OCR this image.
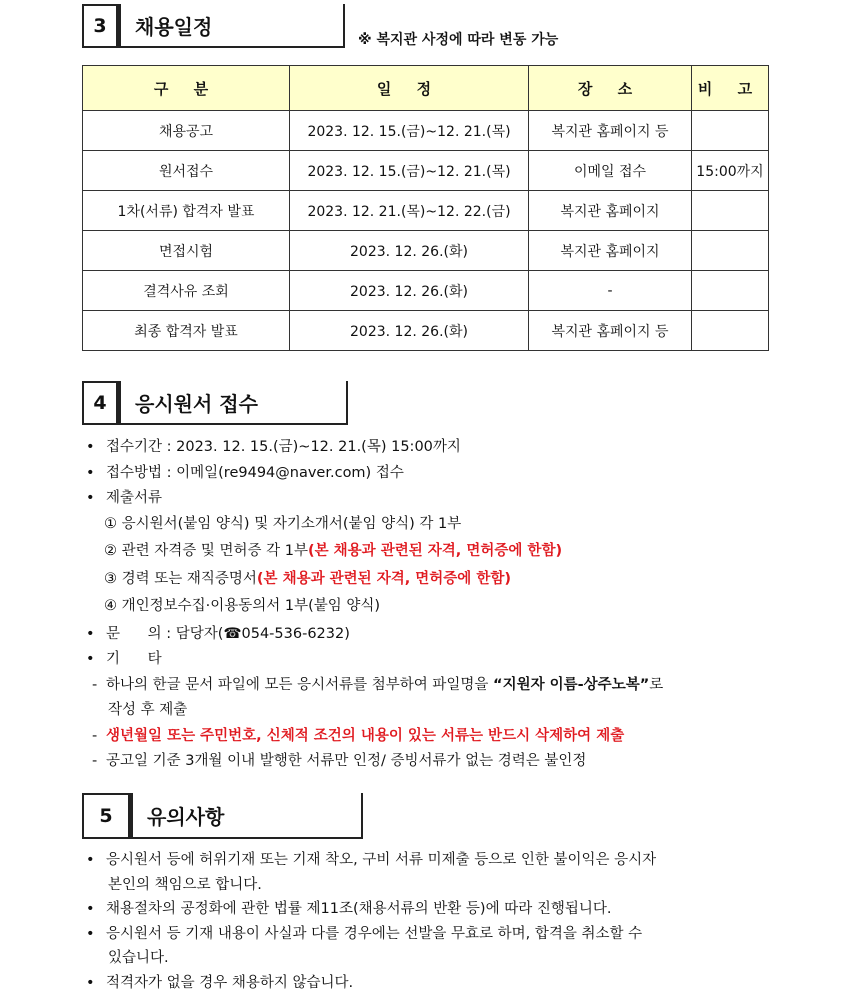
3	채용일정
※ 복지관 사정에 따라 변동 가능
구 분	일 정	장 소	비 고
채용공고	2023. 12. 15.(금)~12. 21.(목)	복지관 홈페이지 등	
원서접수	2023. 12. 15.(금)~12. 21.(목)	이메일 접수	15:00까지
1차(서류) 합격자 발표	2023. 12. 21.(목)~12. 22.(금)	복지관 홈페이지	
면접시험	2023. 12. 26.(화)	복지관 홈페이지	
결격사유 조회	2023. 12. 26.(화)	-	
최종 합격자 발표	2023. 12. 26.(화)	복지관 홈페이지 등	
4	응시원서 접수
• 접수기간 : 2023. 12. 15.(금)~12. 21.(목) 15:00까지
• 접수방법 : 이메일(re9494@naver.com) 접수
• 제출서류
① 응시원서(붙임 양식) 및 자기소개서(붙임 양식) 각 1부
② 관련 자격증 및 면허증 각 1부(본 채용과 관련된 자격, 면허증에 한함)
③ 경력 또는 재직증명서(본 채용과 관련된 자격, 면허증에 한함)
④ 개인정보수집·이용동의서 1부(붙임 양식)
• 문      의 : 담당자(☎054-536-6232)
• 기      타
- 하나의 한글 문서 파일에 모든 응시서류를 첨부하여 파일명을 “지원자 이름-상주노복”로
작성 후 제출
- 생년월일 또는 주민번호, 신체적 조건의 내용이 있는 서류는 반드시 삭제하여 제출
- 공고일 기준 3개월 이내 발행한 서류만 인정/ 증빙서류가 없는 경력은 불인정
5	유의사항
• 응시원서 등에 허위기재 또는 기재 착오, 구비 서류 미제출 등으로 인한 불이익은 응시자
본인의 책임으로 합니다.
• 채용절차의 공정화에 관한 법률 제11조(채용서류의 반환 등)에 따라 진행됩니다.
• 응시원서 등 기재 내용이 사실과 다를 경우에는 선발을 무효로 하며, 합격을 취소할 수
있습니다.
• 적격자가 없을 경우 채용하지 않습니다.
